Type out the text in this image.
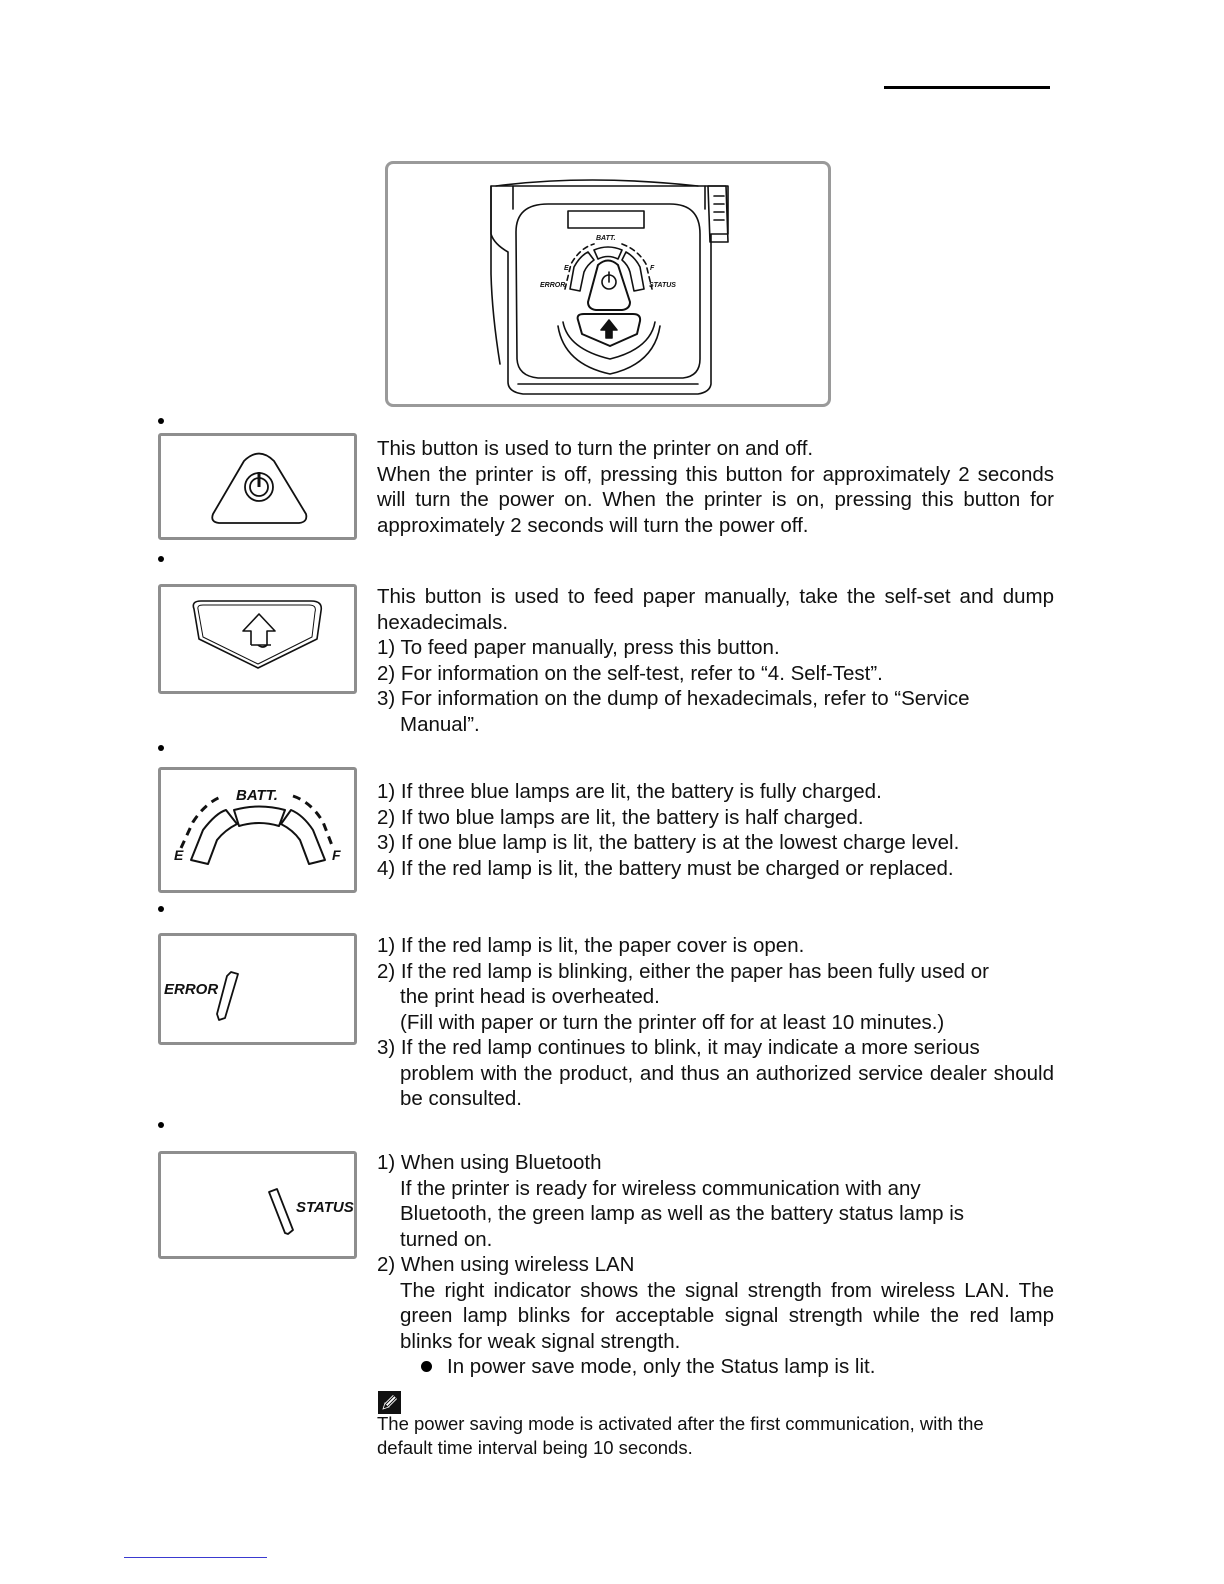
BATT.
E	F
ERROR	STATUS

This button is used to turn the printer on and off.

When the printer is off, pressing this button for approximately 2 seconds will turn the power on. When the printer is on, pressing this button for approximately 2 seconds will turn the power off.

This button is used to feed paper manually, take the self-set and dump hexadecimals.

1) To feed paper manually, press this button.

2) For information on the self-test, refer to “4. Self-Test”.

3) For information on the dump of hexadecimals, refer to “Service

Manual”.

BATT.
E	F

1) If three blue lamps are lit, the battery is fully charged.

2) If two blue lamps are lit, the battery is half charged.

3) If one blue lamp is lit, the battery is at the lowest charge level.

4) If the red lamp is lit, the battery must be charged or replaced.

ERROR

1) If the red lamp is lit, the paper cover is open.

2) If the red lamp is blinking, either the paper has been fully used or

the print head is overheated.

(Fill with paper or turn the printer off for at least 10 minutes.)

3) If the red lamp continues to blink, it may indicate a more serious

problem with the product, and thus an authorized service dealer should be consulted.

STATUS

1) When using Bluetooth

If the printer is ready for wireless communication with any

Bluetooth, the green lamp as well as the battery status lamp is

turned on.

2) When using wireless LAN

The right indicator shows the signal strength from wireless LAN. The green lamp blinks for acceptable signal strength while the red lamp blinks for weak signal strength.

In power save mode, only the Status lamp is lit.

The power saving mode is activated after the first communication, with the

default time interval being 10 seconds.
